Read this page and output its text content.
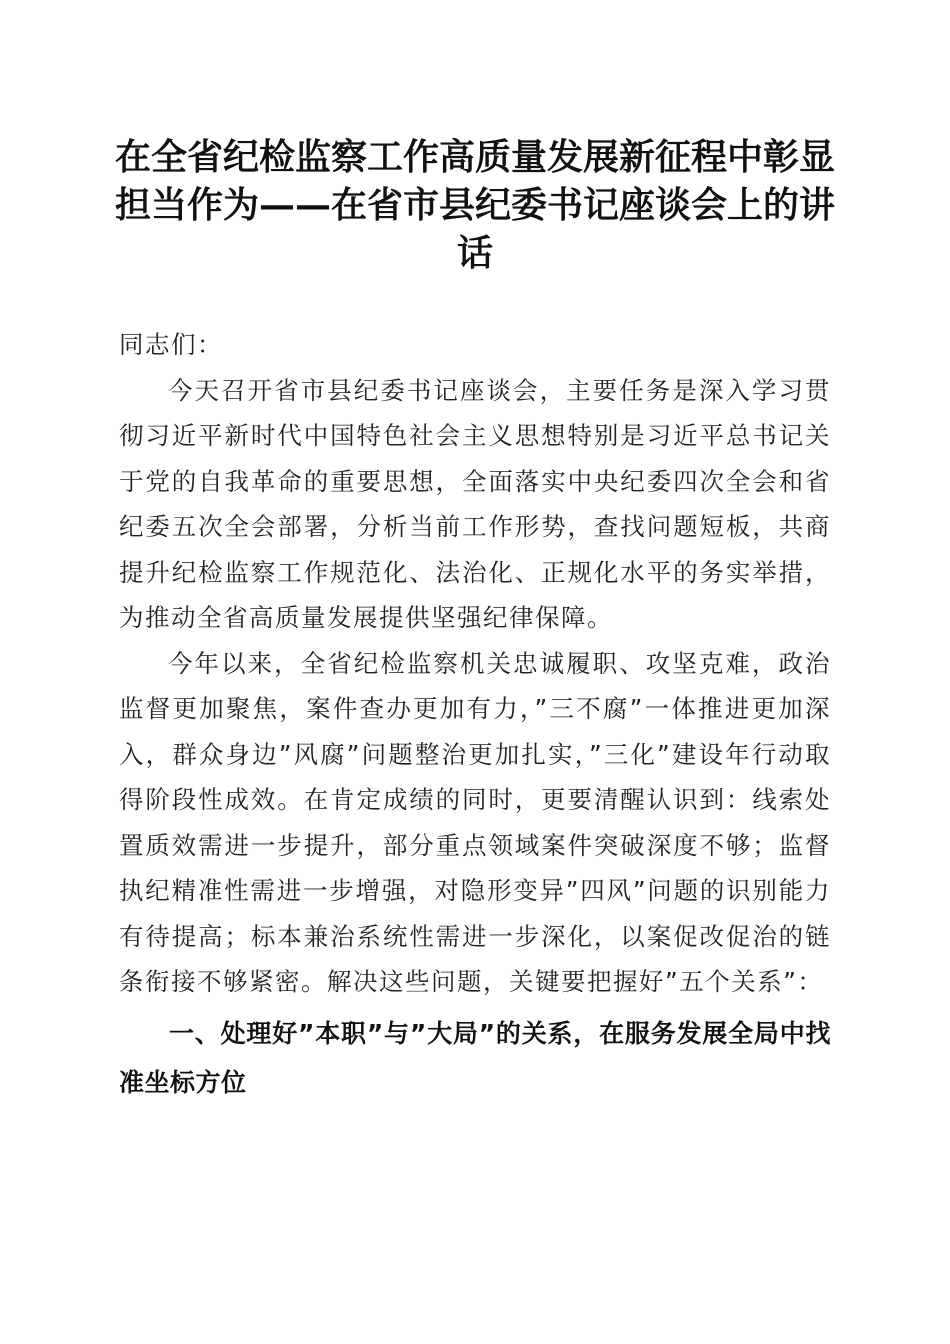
在全省纪检监察工作高质量发展新征程中彰显担当作为——在省市县纪委书记座谈会上的讲话

同志们：

今天召开省市县纪委书记座谈会，主要任务是深入学习贯彻习近平新时代中国特色社会主义思想特别是习近平总书记关于党的自我革命的重要思想，全面落实中央纪委四次全会和省纪委五次全会部署，分析当前工作形势，查找问题短板，共商提升纪检监察工作规范化、法治化、正规化水平的务实举措，为推动全省高质量发展提供坚强纪律保障。

今年以来，全省纪检监察机关忠诚履职、攻坚克难，政治监督更加聚焦，案件查办更加有力，”三不腐”一体推进更加深入，群众身边”风腐”问题整治更加扎实，”三化”建设年行动取得阶段性成效。在肯定成绩的同时，更要清醒认识到：线索处置质效需进一步提升，部分重点领域案件突破深度不够；监督执纪精准性需进一步增强，对隐形变异”四风”问题的识别能力有待提高；标本兼治系统性需进一步深化，以案促改促治的链条衔接不够紧密。解决这些问题，关键要把握好”五个关系”：

一、处理好”本职”与”大局”的关系，在服务发展全局中找准坐标方位
